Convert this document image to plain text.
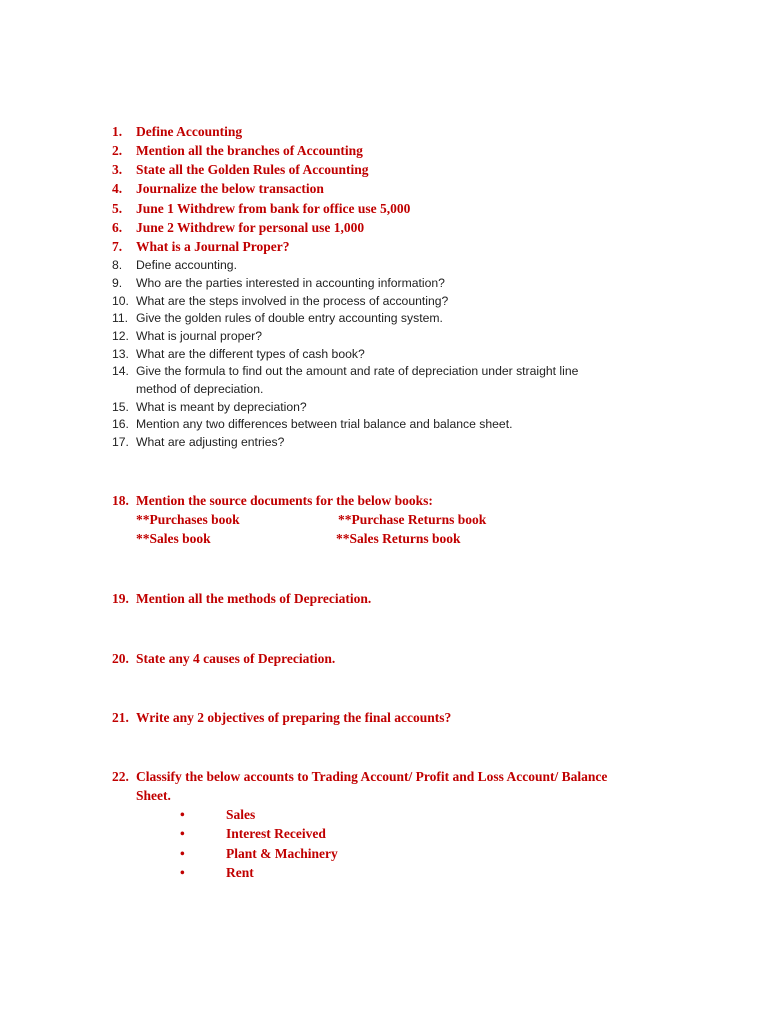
1. Define Accounting
2. Mention all the branches of Accounting
3. State all the Golden Rules of Accounting
4. Journalize the below transaction
5. June 1 Withdrew from bank for office use 5,000
6. June 2 Withdrew for personal use 1,000
7. What is a Journal Proper?
8. Define accounting.
9. Who are the parties interested in accounting information?
10. What are the steps involved in the process of accounting?
11. Give the golden rules of double entry accounting system.
12. What is journal proper?
13. What are the different types of cash book?
14. Give the formula to find out the amount and rate of depreciation under straight line
method of depreciation.
15. What is meant by depreciation?
16. Mention any two differences between trial balance and balance sheet.
17. What are adjusting entries?
18. Mention the source documents for the below books:
**Purchases book	**Purchase Returns book
**Sales book	**Sales Returns book
19. Mention all the methods of Depreciation.
20. State any 4 causes of Depreciation.
21. Write any 2 objectives of preparing the final accounts?
22. Classify the below accounts to Trading Account/ Profit and Loss Account/ Balance
Sheet.
•	Sales
•	Interest Received
•	Plant & Machinery
•	Rent
